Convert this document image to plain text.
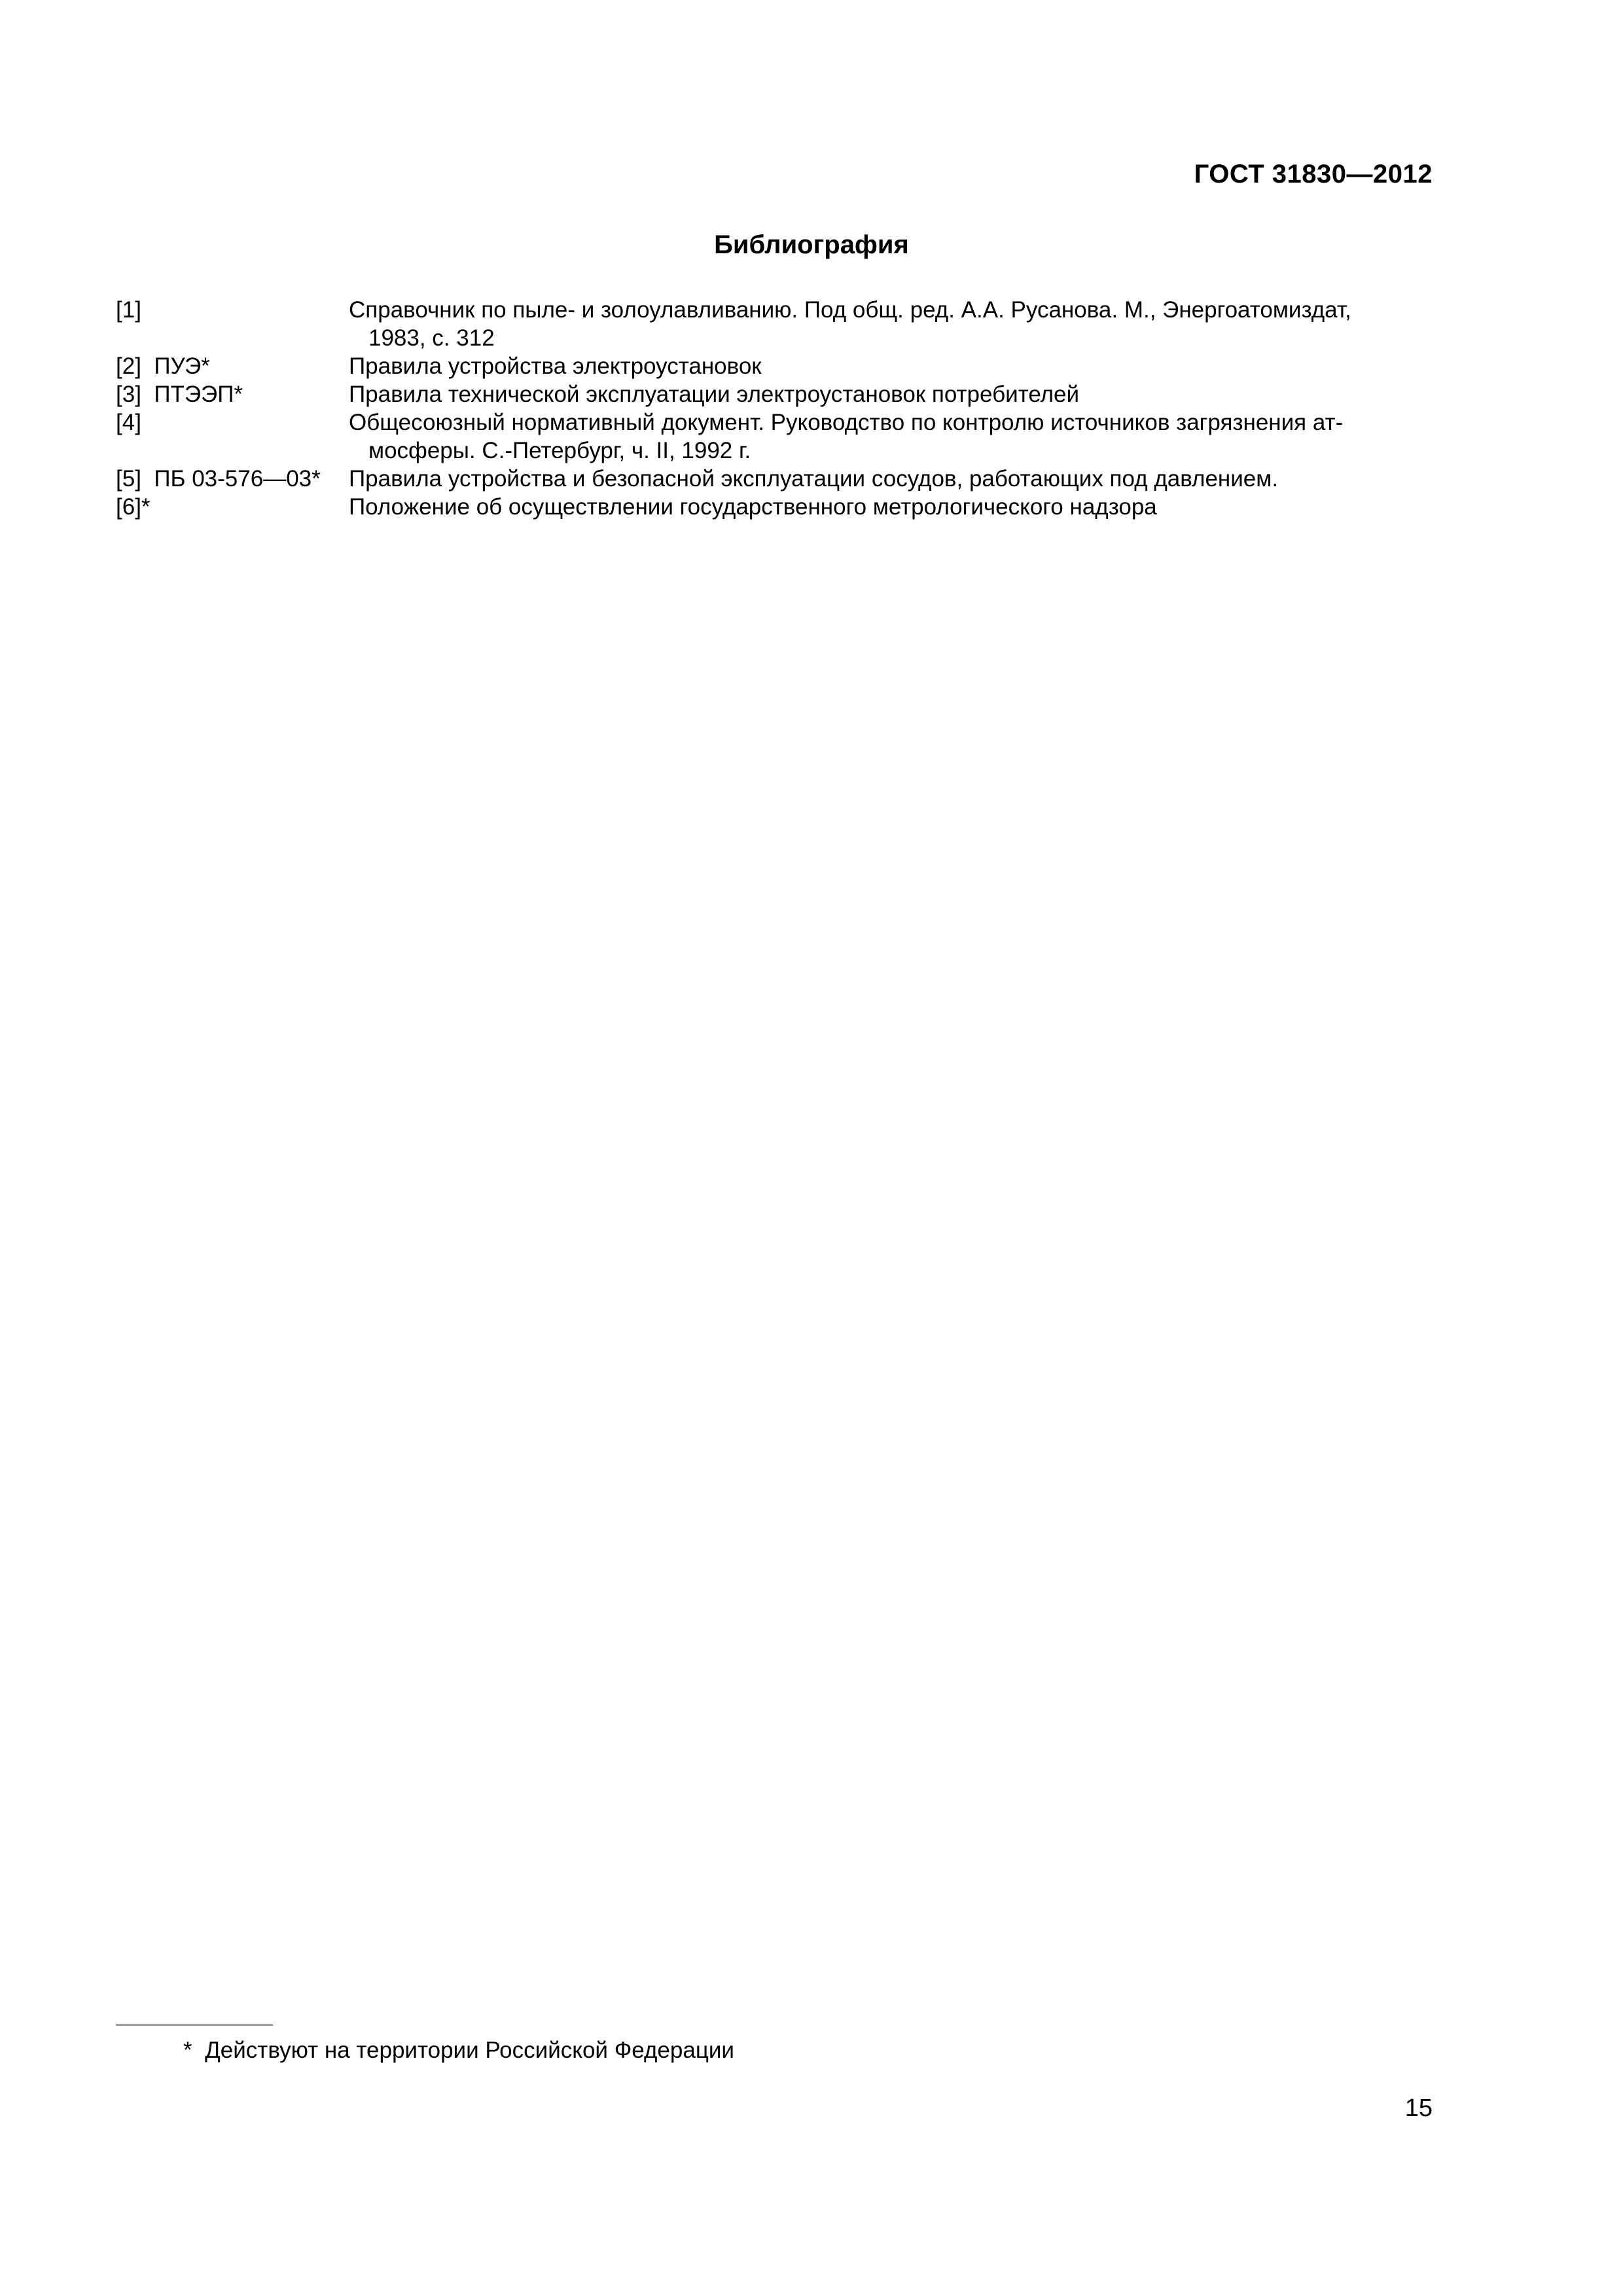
ГОСТ 31830—2012
Библиография
[1]	Справочник по пыле- и золоулавливанию. Под общ. ред. А.А. Русанова. М., Энергоатомиздат,
1983, с. 312
[2]  ПУЭ*	Правила устройства электроустановок
[3]  ПТЭЭП*	Правила технической эксплуатации электроустановок потребителей
[4]	Общесоюзный нормативный документ. Руководство по контролю источников загрязнения ат-
мосферы. С.-Петербург, ч. II, 1992 г.
[5]  ПБ 03-576—03*	Правила устройства и безопасной эксплуатации сосудов, работающих под давлением.
[6]*	Положение об осуществлении государственного метрологического надзора
*  Действуют на территории Российской Федерации
15
